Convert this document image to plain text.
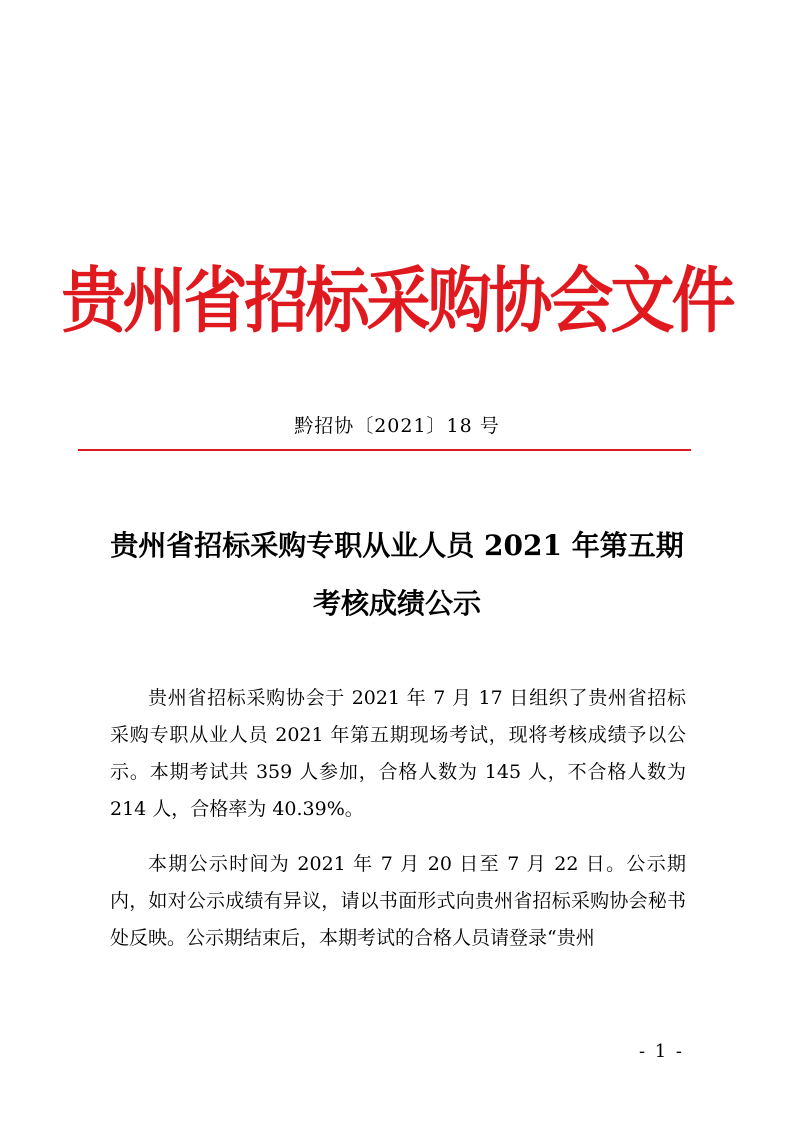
贵州省招标采购协会文件
黔招协〔2021〕18 号
贵州省招标采购专职从业人员 2021 年第五期
考核成绩公示

贵州省招标采购协会于 2021 年 7 月 17 日组织了贵州省招标采购专职从业人员 2021 年第五期现场考试，现将考核成绩予以公示。本期考试共 359 人参加，合格人数为 145 人，不合格人数为 214 人，合格率为 40.39%。

本期公示时间为 2021 年 7 月 20 日至 7 月 22 日。公示期内，如对公示成绩有异议，请以书面形式向贵州省招标采购协会秘书处反映。公示期结束后，本期考试的合格人员请登录“贵州

- 1 -
